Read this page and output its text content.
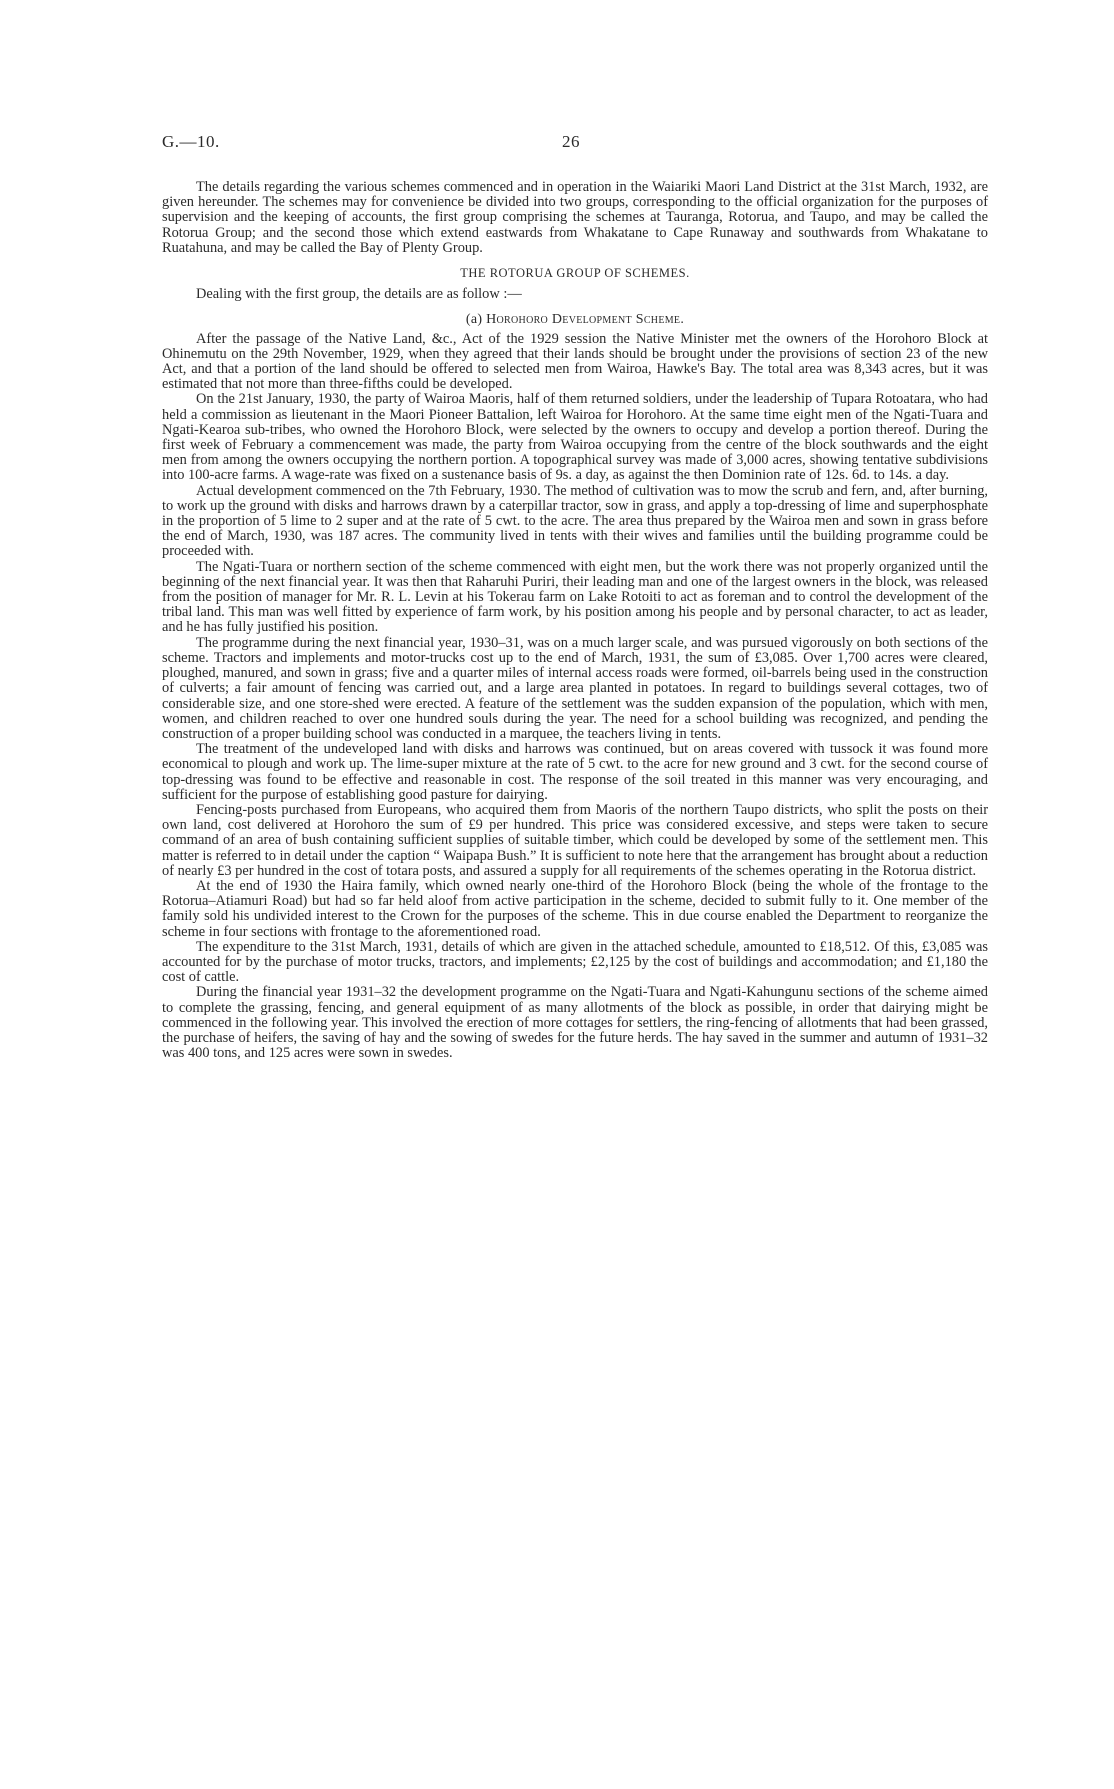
G.—10.	26

The details regarding the various schemes commenced and in operation in the Waiariki Maori Land District at the 31st March, 1932, are given hereunder. The schemes may for convenience be divided into two groups, corresponding to the official organization for the purposes of supervision and the keeping of accounts, the first group comprising the schemes at Tauranga, Rotorua, and Taupo, and may be called the Rotorua Group; and the second those which extend eastwards from Whakatane to Cape Runaway and southwards from Whakatane to Ruatahuna, and may be called the Bay of Plenty Group.

THE ROTORUA GROUP OF SCHEMES.

Dealing with the first group, the details are as follow :—

(a) Horohoro Development Scheme.

After the passage of the Native Land, &c., Act of the 1929 session the Native Minister met the owners of the Horohoro Block at Ohinemutu on the 29th November, 1929, when they agreed that their lands should be brought under the provisions of section 23 of the new Act, and that a portion of the land should be offered to selected men from Wairoa, Hawke's Bay. The total area was 8,343 acres, but it was estimated that not more than three-fifths could be developed.

On the 21st January, 1930, the party of Wairoa Maoris, half of them returned soldiers, under the leadership of Tupara Rotoatara, who had held a commission as lieutenant in the Maori Pioneer Battalion, left Wairoa for Horohoro. At the same time eight men of the Ngati-Tuara and Ngati-Kearoa sub-tribes, who owned the Horohoro Block, were selected by the owners to occupy and develop a portion thereof. During the first week of February a commencement was made, the party from Wairoa occupying from the centre of the block southwards and the eight men from among the owners occupying the northern portion. A topographical survey was made of 3,000 acres, showing tentative subdivisions into 100-acre farms. A wage-rate was fixed on a sustenance basis of 9s. a day, as against the then Dominion rate of 12s. 6d. to 14s. a day.

Actual development commenced on the 7th February, 1930. The method of cultivation was to mow the scrub and fern, and, after burning, to work up the ground with disks and harrows drawn by a caterpillar tractor, sow in grass, and apply a top-dressing of lime and superphosphate in the proportion of 5 lime to 2 super and at the rate of 5 cwt. to the acre. The area thus prepared by the Wairoa men and sown in grass before the end of March, 1930, was 187 acres. The community lived in tents with their wives and families until the building programme could be proceeded with.

The Ngati-Tuara or northern section of the scheme commenced with eight men, but the work there was not properly organized until the beginning of the next financial year. It was then that Raharuhi Puriri, their leading man and one of the largest owners in the block, was released from the position of manager for Mr. R. L. Levin at his Tokerau farm on Lake Rotoiti to act as foreman and to control the development of the tribal land. This man was well fitted by experience of farm work, by his position among his people and by personal character, to act as leader, and he has fully justified his position.

The programme during the next financial year, 1930–31, was on a much larger scale, and was pursued vigorously on both sections of the scheme. Tractors and implements and motor-trucks cost up to the end of March, 1931, the sum of £3,085. Over 1,700 acres were cleared, ploughed, manured, and sown in grass; five and a quarter miles of internal access roads were formed, oil-barrels being used in the construction of culverts; a fair amount of fencing was carried out, and a large area planted in potatoes. In regard to buildings several cottages, two of considerable size, and one store-shed were erected. A feature of the settlement was the sudden expansion of the population, which with men, women, and children reached to over one hundred souls during the year. The need for a school building was recognized, and pending the construction of a proper building school was conducted in a marquee, the teachers living in tents.

The treatment of the undeveloped land with disks and harrows was continued, but on areas covered with tussock it was found more economical to plough and work up. The lime-super mixture at the rate of 5 cwt. to the acre for new ground and 3 cwt. for the second course of top-dressing was found to be effective and reasonable in cost. The response of the soil treated in this manner was very encouraging, and sufficient for the purpose of establishing good pasture for dairying.

Fencing-posts purchased from Europeans, who acquired them from Maoris of the northern Taupo districts, who split the posts on their own land, cost delivered at Horohoro the sum of £9 per hundred. This price was considered excessive, and steps were taken to secure command of an area of bush containing sufficient supplies of suitable timber, which could be developed by some of the settlement men. This matter is referred to in detail under the caption “ Waipapa Bush.” It is sufficient to note here that the arrangement has brought about a reduction of nearly £3 per hundred in the cost of totara posts, and assured a supply for all requirements of the schemes operating in the Rotorua district.

At the end of 1930 the Haira family, which owned nearly one-third of the Horohoro Block (being the whole of the frontage to the Rotorua–Atiamuri Road) but had so far held aloof from active participation in the scheme, decided to submit fully to it. One member of the family sold his undivided interest to the Crown for the purposes of the scheme. This in due course enabled the Department to reorganize the scheme in four sections with frontage to the aforementioned road.

The expenditure to the 31st March, 1931, details of which are given in the attached schedule, amounted to £18,512. Of this, £3,085 was accounted for by the purchase of motor trucks, tractors, and implements; £2,125 by the cost of buildings and accommodation; and £1,180 the cost of cattle.

During the financial year 1931–32 the development programme on the Ngati-Tuara and Ngati-Kahungunu sections of the scheme aimed to complete the grassing, fencing, and general equipment of as many allotments of the block as possible, in order that dairying might be commenced in the following year. This involved the erection of more cottages for settlers, the ring-fencing of allotments that had been grassed, the purchase of heifers, the saving of hay and the sowing of swedes for the future herds. The hay saved in the summer and autumn of 1931–32 was 400 tons, and 125 acres were sown in swedes.
